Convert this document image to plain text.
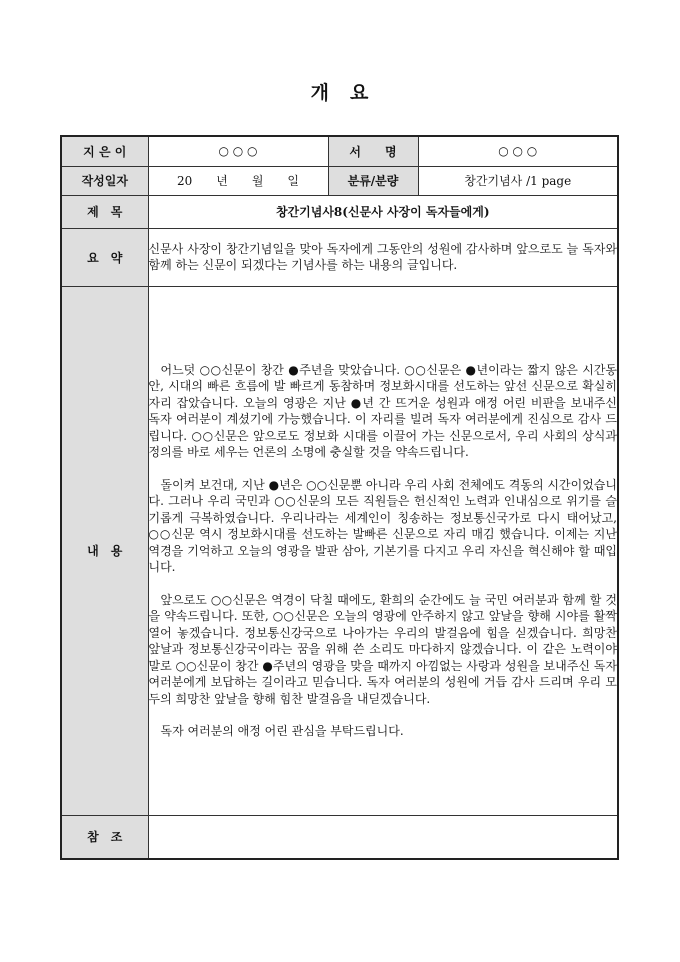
개　요
지 은 이	○ ○ ○	서　　명	○ ○ ○
작성일자	20　　년　　월　　일	분류/분량	창간기념사 /1 page
제　목	창간기념사8(신문사 사장이 독자들에게)		
요　약	신문사 사장이 창간기념일을 맞아 독자에게 그동안의 성원에 감사하며 앞으로도 늘 독자와 함께 하는 신문이 되겠다는 기념사를 하는 내용의 글입니다.		
내　용	어느덧 ○○신문이 창간 ●주년을 맞았습니다. ○○신문은 ●년이라는 짧지 않은 시간동안, 시대의 빠른 흐름에 발 빠르게 동참하며 정보화시대를 선도하는 앞선 신문으로 확실히 자리 잡았습니다. 오늘의 영광은 지난 ●년 간 뜨거운 성원과 애정 어린 비판을 보내주신 독자 여러분이 계셨기에 가능했습니다. 이 자리를 빌려 독자 여러분에게 진심으로 감사 드립니다. ○○신문은 앞으로도 정보화 시대를 이끌어 가는 신문으로서, 우리 사회의 상식과 정의를 바로 세우는 언론의 소명에 충실할 것을 약속드립니다.

돌이켜 보건대, 지난 ●년은 ○○신문뿐 아니라 우리 사회 전체에도 격동의 시간이었습니다. 그러나 우리 국민과 ○○신문의 모든 직원들은 헌신적인 노력과 인내심으로 위기를 슬기롭게 극복하였습니다. 우리나라는 세계인이 칭송하는 정보통신국가로 다시 태어났고, ○○신문 역시 정보화시대를 선도하는 발빠른 신문으로 자리 매김 했습니다. 이제는 지난 역경을 기억하고 오늘의 영광을 발판 삼아, 기본기를 다지고 우리 자신을 혁신해야 할 때입니다.

앞으로도 ○○신문은 역경이 닥칠 때에도, 환희의 순간에도 늘 국민 여러분과 함께 할 것을 약속드립니다. 또한, ○○신문은 오늘의 영광에 안주하지 않고 앞날을 향해 시야를 활짝 열어 놓겠습니다. 정보통신강국으로 나아가는 우리의 발걸음에 힘을 싣겠습니다. 희망찬 앞날과 정보통신강국이라는 꿈을 위해 쓴 소리도 마다하지 않겠습니다. 이 같은 노력이야말로 ○○신문이 창간 ●주년의 영광을 맞을 때까지 아낌없는 사랑과 성원을 보내주신 독자 여러분에게 보답하는 길이라고 믿습니다. 독자 여러분의 성원에 거듭 감사 드리며 우리 모두의 희망찬 앞날을 향해 힘찬 발걸음을 내딛겠습니다.

독자 여러분의 애정 어린 관심을 부탁드립니다.		

참　조			
